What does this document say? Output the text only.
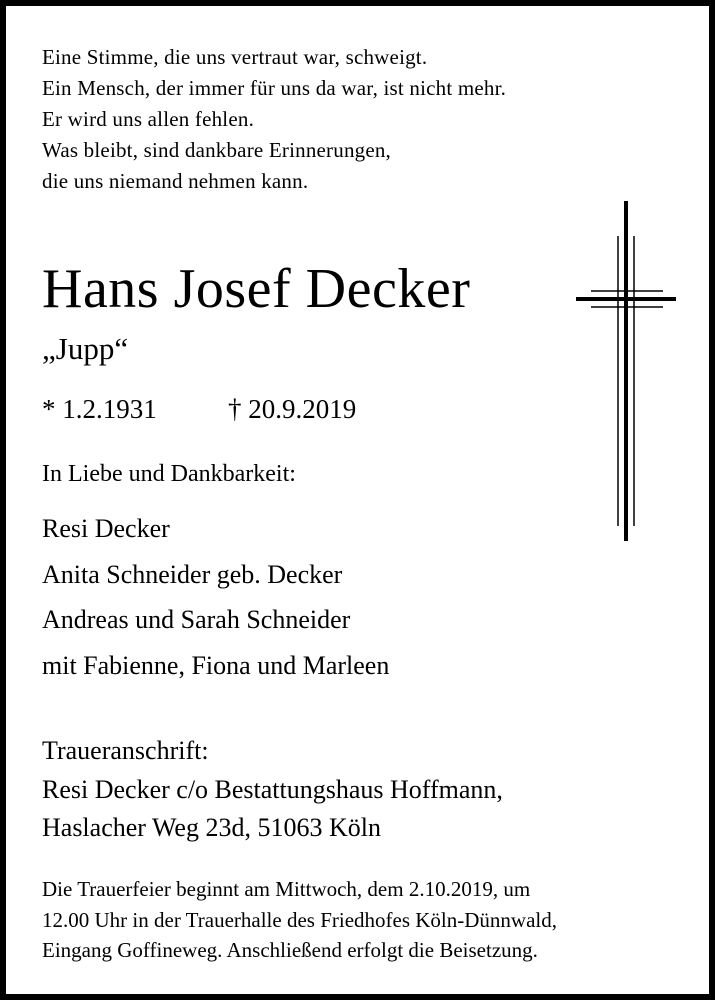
Eine Stimme, die uns vertraut war, schweigt.
Ein Mensch, der immer für uns da war, ist nicht mehr.
Er wird uns allen fehlen.
Was bleibt, sind dankbare Erinnerungen,
die uns niemand nehmen kann.
Hans Josef Decker
„Jupp“
* 1.2.1931	† 20.9.2019
In Liebe und Dankbarkeit:
Resi Decker
Anita Schneider geb. Decker
Andreas und Sarah Schneider
mit Fabienne, Fiona und Marleen
Traueranschrift:
Resi Decker c/o Bestattungshaus Hoffmann,
Haslacher Weg 23d, 51063 Köln
Die Trauerfeier beginnt am Mittwoch, dem 2.10.2019, um
12.00 Uhr in der Trauerhalle des Friedhofes Köln-Dünnwald,
Eingang Goffineweg. Anschließend erfolgt die Beisetzung.
